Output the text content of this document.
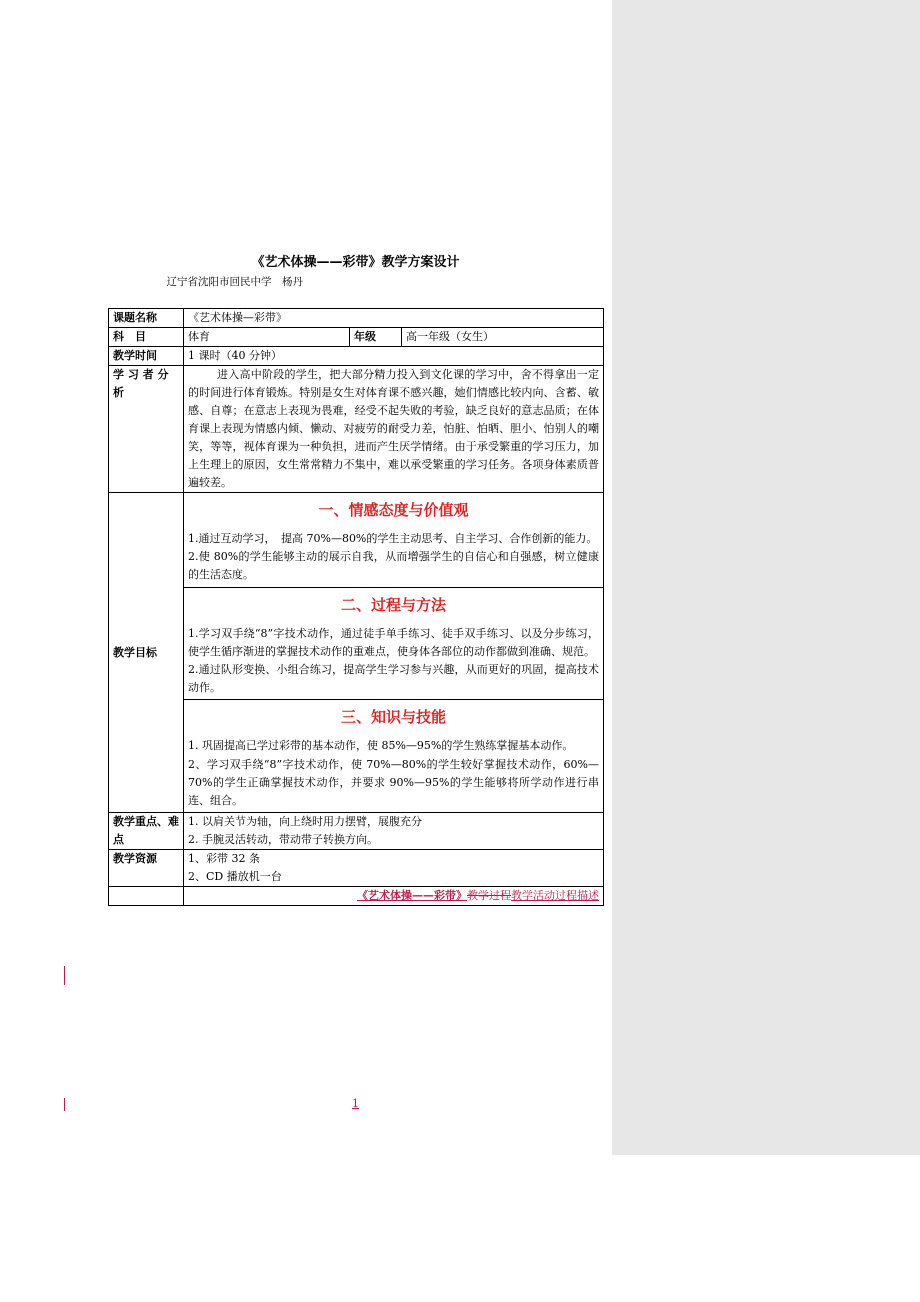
《艺术体操——彩带》教学方案设计
辽宁省沈阳市回民中学　杨丹
课题名称	《艺术体操—彩带》		
科　目	体育	年级	高一年级（女生）
教学时间	1 课时（40 分钟）		
学 习 者 分 析	进入高中阶段的学生，把大部分精力投入到文化课的学习中，舍不得拿出一定的时间进行体育锻炼。特别是女生对体育课不感兴趣，她们情感比较内向、含蓄、敏感、自尊；在意志上表现为畏难，经受不起失败的考验，缺乏良好的意志品质；在体育课上表现为情感内倾、懒动、对疲劳的耐受力差，怕脏、怕晒、胆小、怕别人的嘲笑，等等，视体育课为一种负担，进而产生厌学情绪。由于承受繁重的学习压力，加上生理上的原因，女生常常精力不集中，难以承受繁重的学习任务。各项身体素质普遍较差。		
教学目标	一、情感态度与价值观
1.通过互动学习，　提高 70%—80%的学生主动思考、自主学习、合作创新的能力。
2.使 80%的学生能够主动的展示自我，从而增强学生的自信心和自强感，树立健康的生活态度。		

	二、过程与方法
1.学习双手绕“8”字技术动作，通过徒手单手练习、徒手双手练习、以及分步练习，使学生循序渐进的掌握技术动作的重难点，使身体各部位的动作都做到准确、规范。
2.通过队形变换、小组合练习，提高学生学习参与兴趣，从而更好的巩固，提高技术动作。		

	三、知识与技能
1. 巩固提高已学过彩带的基本动作，使 85%—95%的学生熟练掌握基本动作。
2、学习双手绕“8”字技术动作，使 70%—80%的学生较好掌握技术动作，60%—70%的学生正确掌握技术动作，并要求 90%—95%的学生能够将所学动作进行串连、组合。		

教学重点、难点	1. 以肩关节为轴，向上绕时用力摆臂，展腹充分
2. 手腕灵活转动，带动带子转换方向。		

教学资源	1、彩带 32 条
2、CD 播放机一台		

	《艺术体操——彩带》教学过程教学活动过程描述		
1
